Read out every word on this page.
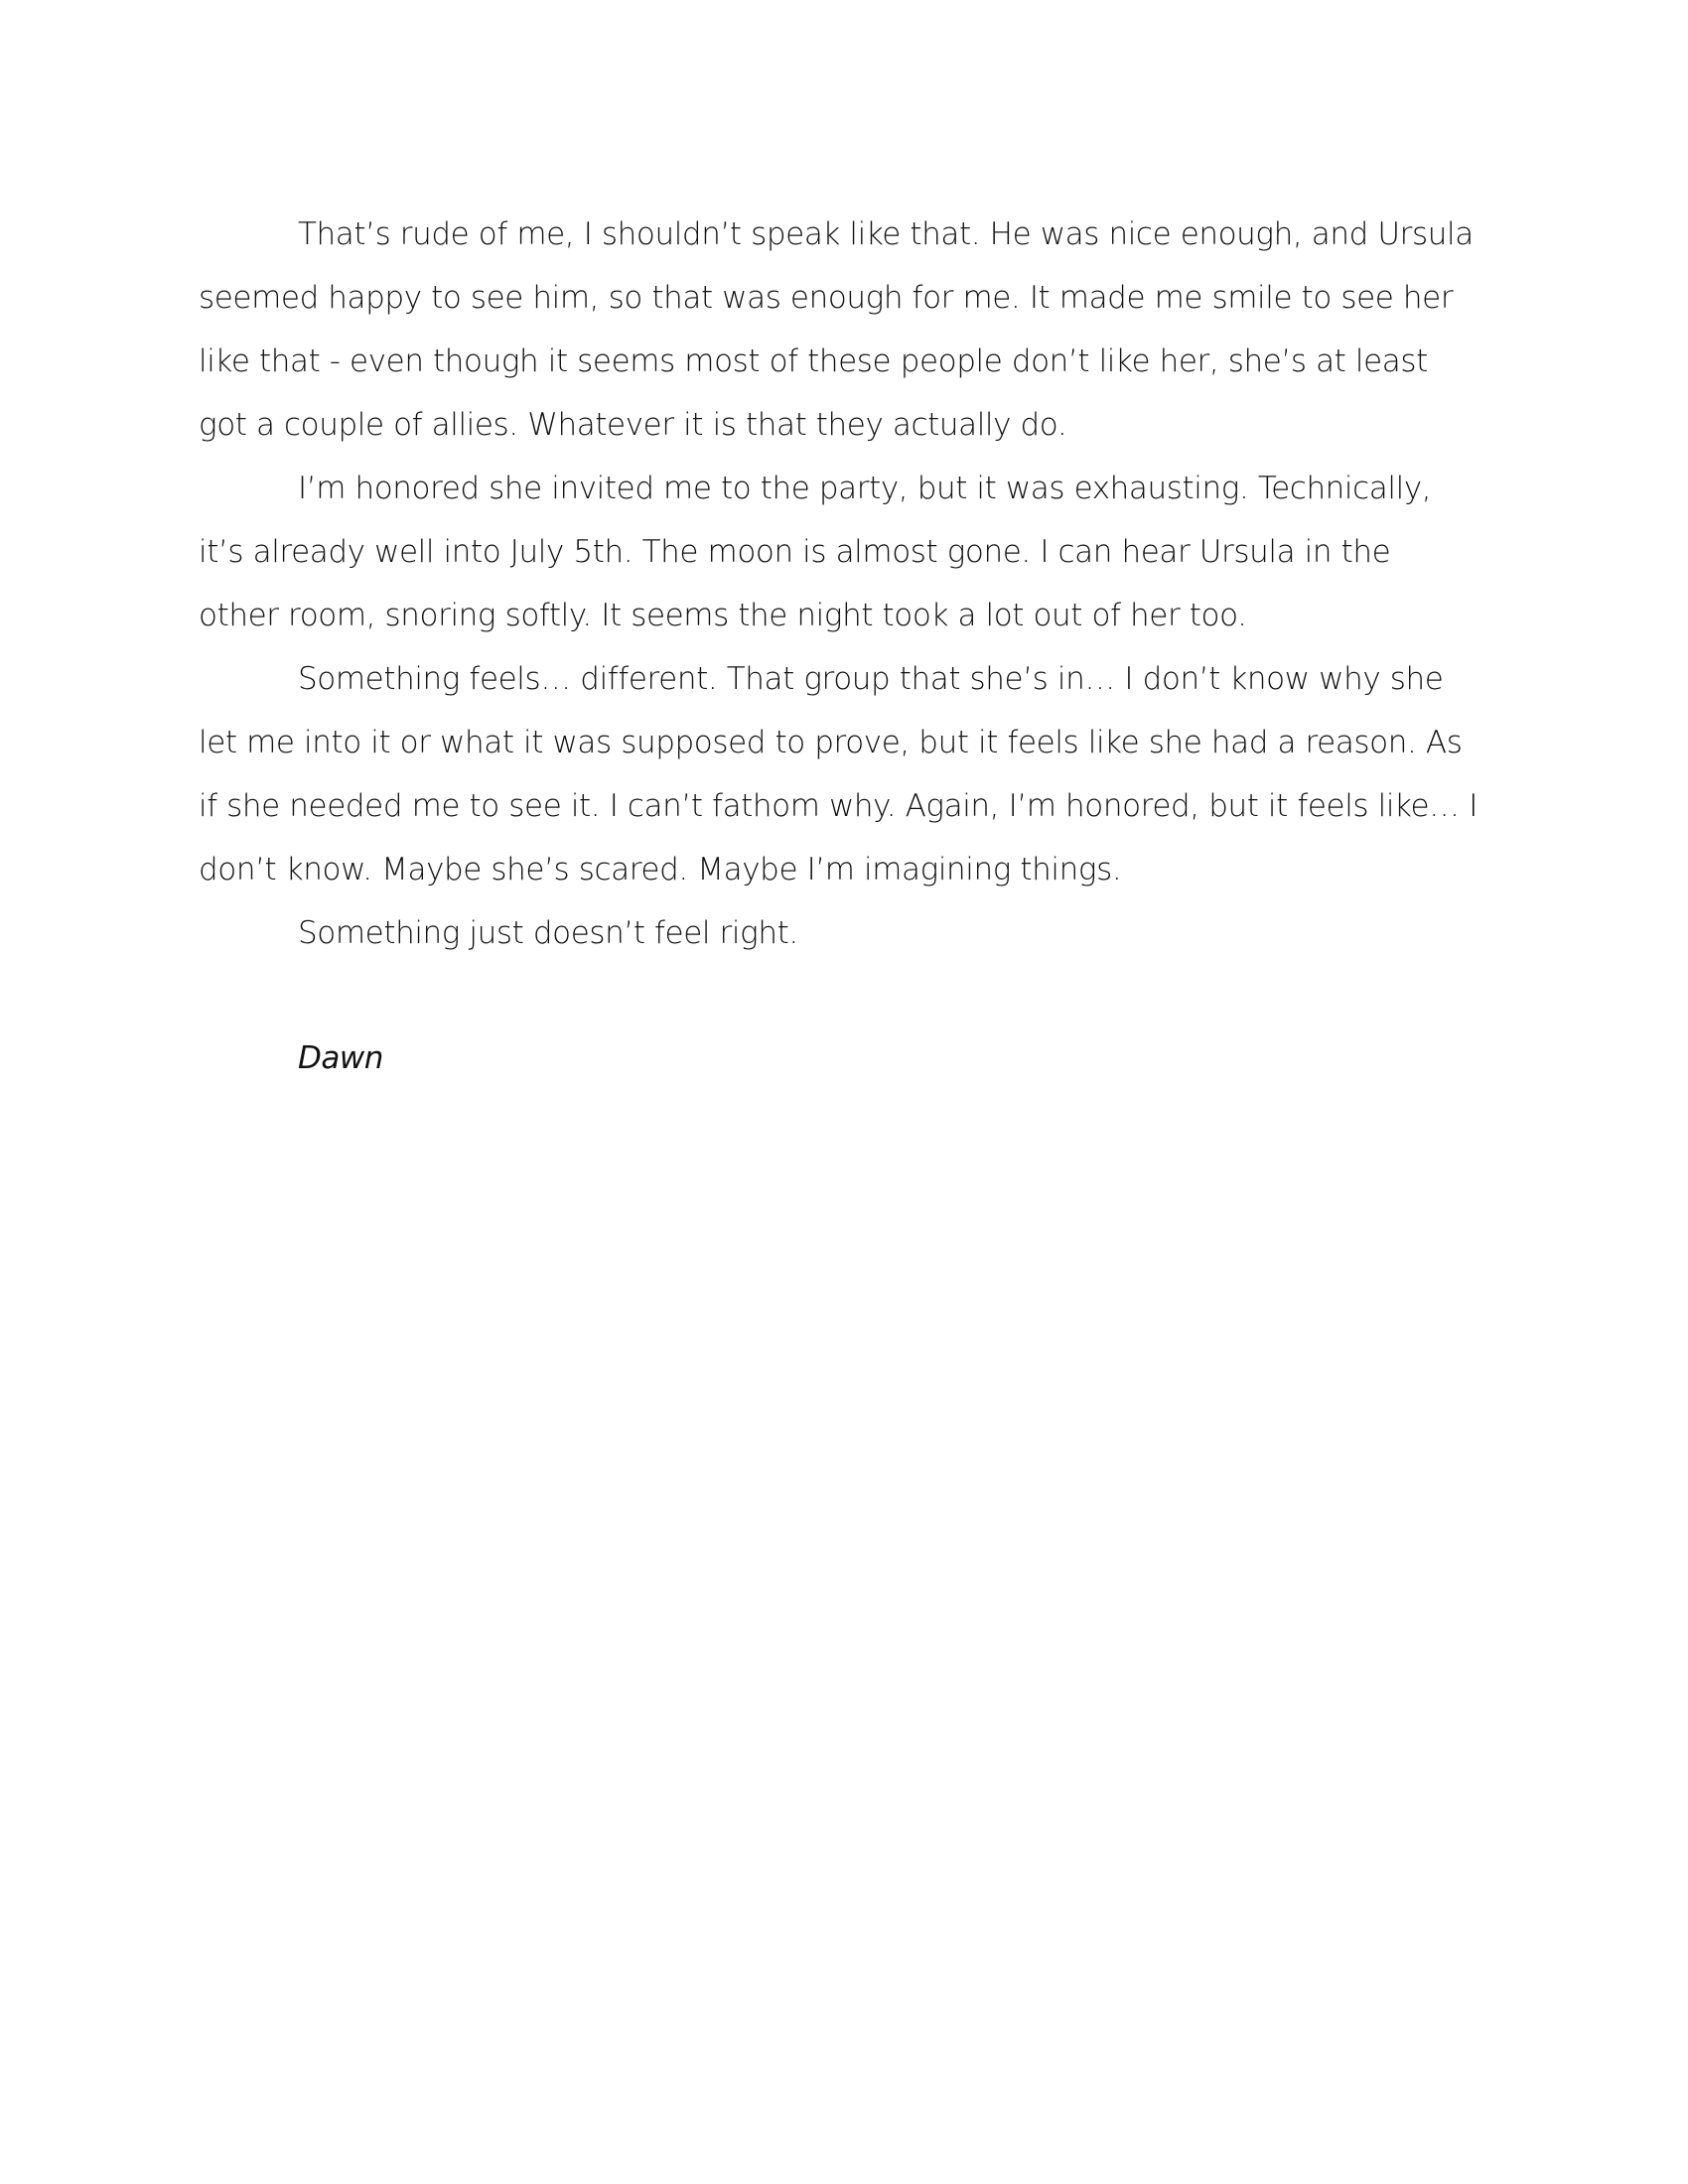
That’s rude of me, I shouldn’t speak like that. He was nice enough, and Ursula seemed happy to see him, so that was enough for me. It made me smile to see her like that - even though it seems most of these people don’t like her, she’s at least got a couple of allies. Whatever it is that they actually do.

I’m honored she invited me to the party, but it was exhausting. Technically, it’s already well into July 5th. The moon is almost gone. I can hear Ursula in the other room, snoring softly. It seems the night took a lot out of her too.

Something feels… different. That group that she’s in… I don’t know why she let me into it or what it was supposed to prove, but it feels like she had a reason. As if she needed me to see it. I can’t fathom why. Again, I’m honored, but it feels like… I don’t know. Maybe she’s scared. Maybe I’m imagining things.

Something just doesn’t feel right.

Dawn
